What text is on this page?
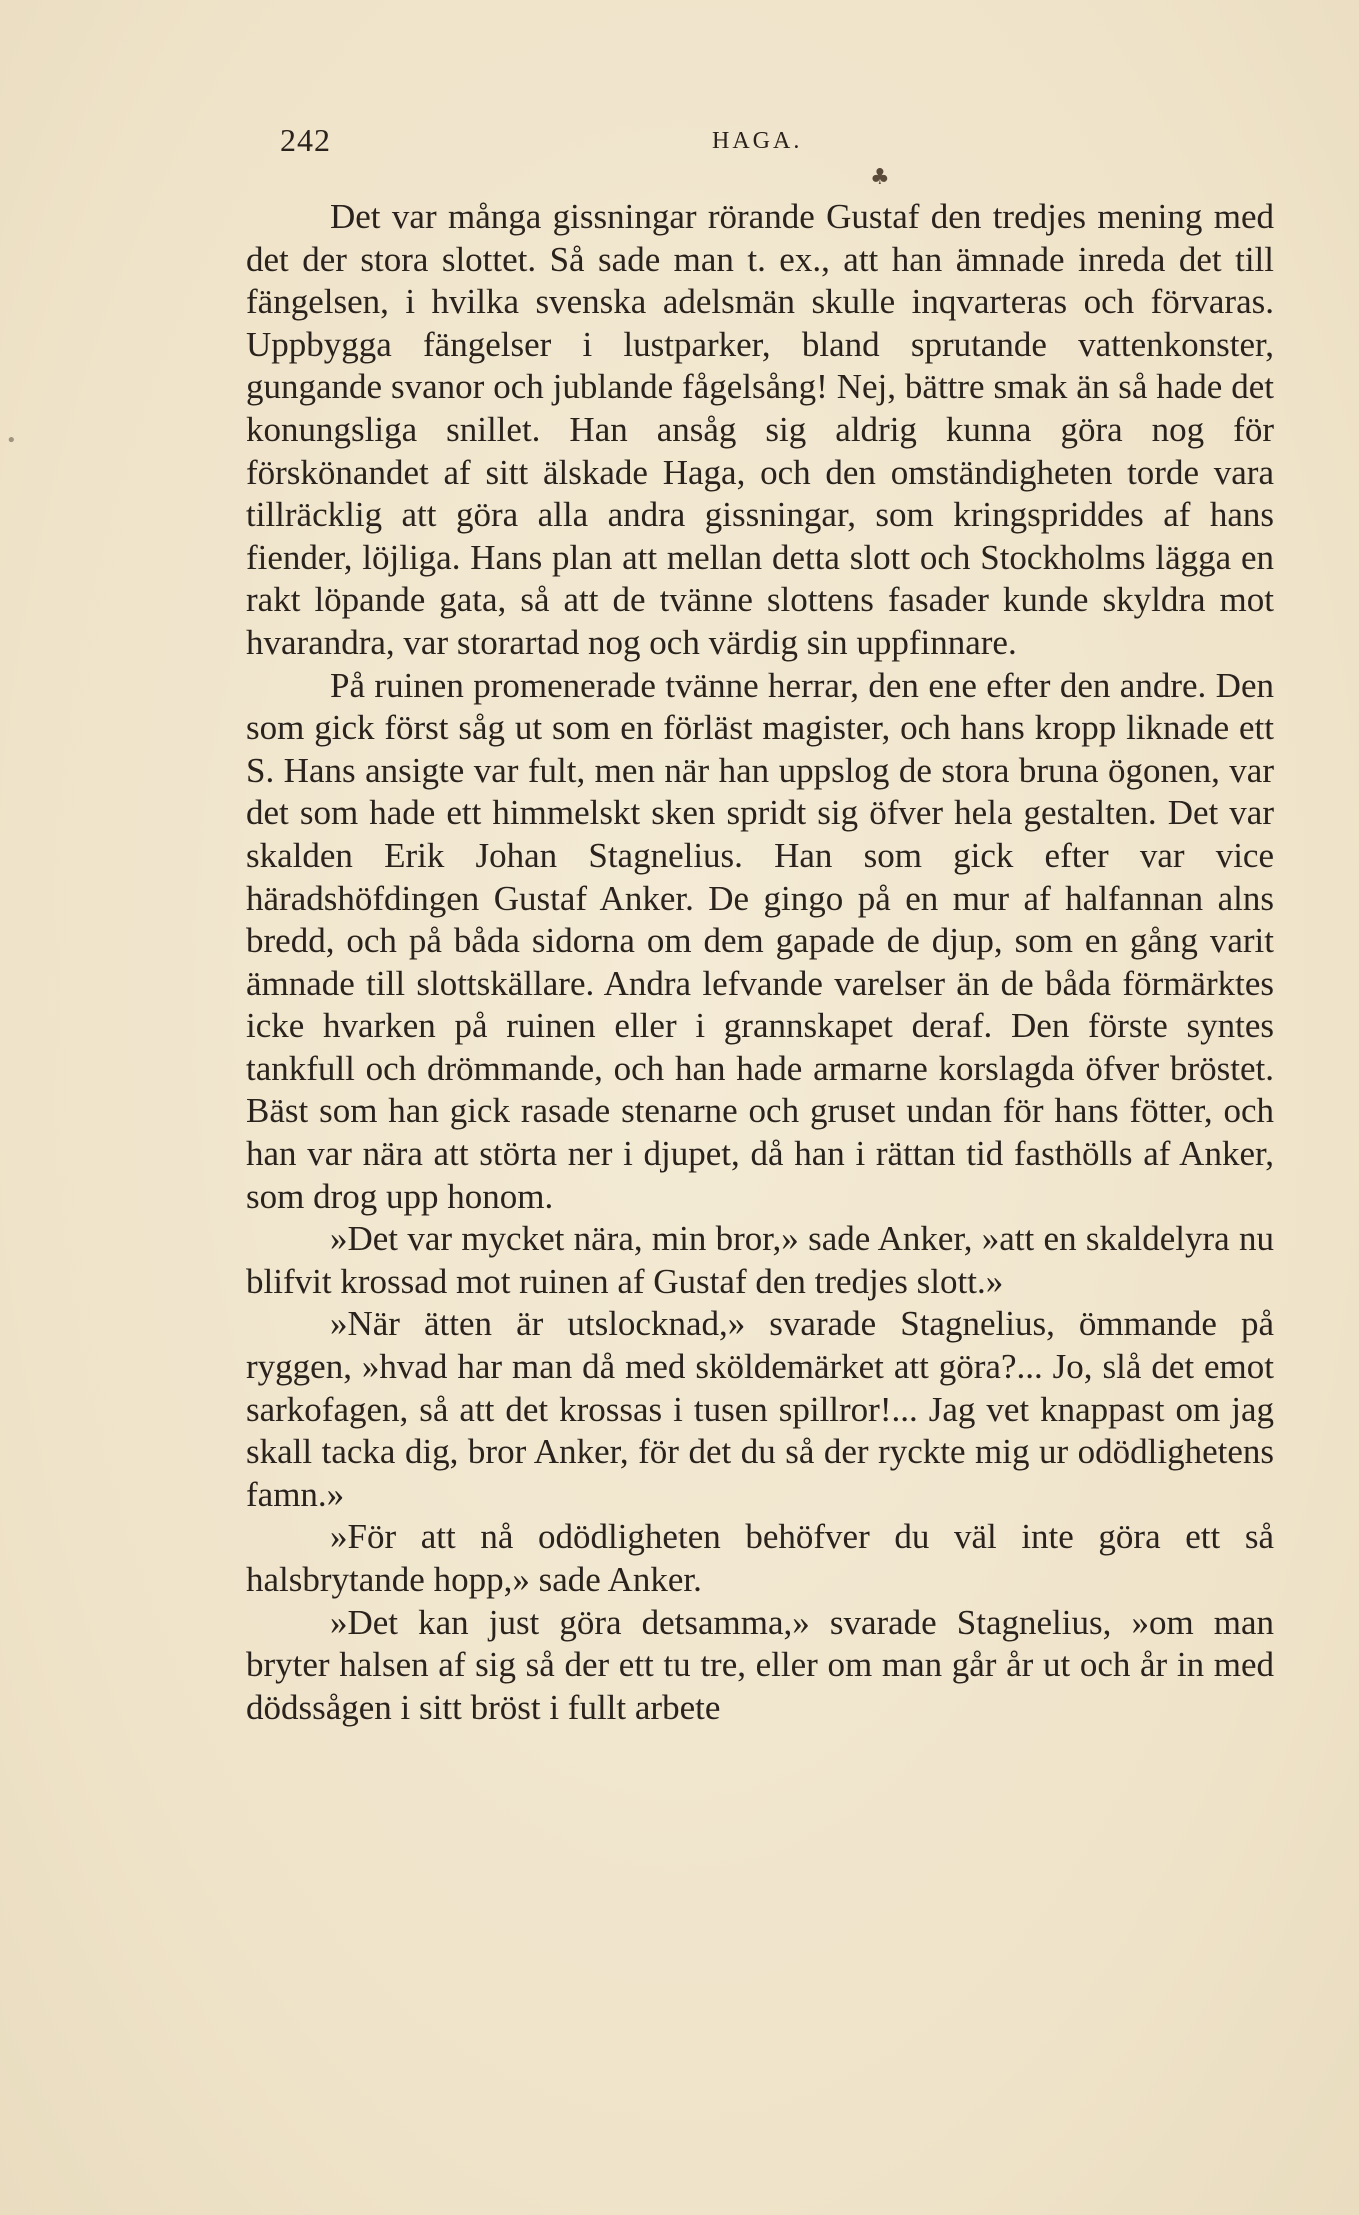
242	HAGA.
♣
•

Det var många gissningar rörande Gustaf den tredjes mening med det der stora slottet. Så sade man t. ex., att han ämnade inreda det till fängelsen, i hvilka svenska adelsmän skulle inqvarteras och förvaras. Uppbygga fängelser i lustparker, bland sprutande vattenkonster, gungande svanor och jublande fågelsång! Nej, bättre smak än så hade det konungsliga snillet. Han ansåg sig aldrig kunna göra nog för förskönandet af sitt älskade Haga, och den omständigheten torde vara tillräcklig att göra alla andra gissningar, som kringspriddes af hans fiender, löjliga. Hans plan att mellan detta slott och Stockholms lägga en rakt löpande gata, så att de tvänne slottens fasader kunde skyldra mot hvarandra, var storartad nog och värdig sin uppfinnare.

På ruinen promenerade tvänne herrar, den ene efter den andre. Den som gick först såg ut som en förläst magister, och hans kropp liknade ett S. Hans ansigte var fult, men när han uppslog de stora bruna ögonen, var det som hade ett himmelskt sken spridt sig öfver hela gestalten. Det var skalden Erik Johan Stagnelius. Han som gick efter var vice häradshöfdingen Gustaf Anker. De gingo på en mur af halfannan alns bredd, och på båda sidorna om dem gapade de djup, som en gång varit ämnade till slottskällare. Andra lefvande varelser än de båda förmärktes icke hvarken på ruinen eller i grannskapet deraf. Den förste syntes tankfull och drömmande, och han hade armarne korslagda öfver bröstet. Bäst som han gick rasade stenarne och gruset undan för hans fötter, och han var nära att störta ner i djupet, då han i rättan tid fasthölls af Anker, som drog upp honom.

»Det var mycket nära, min bror,» sade Anker, »att en skaldelyra nu blifvit krossad mot ruinen af Gustaf den tredjes slott.»

»När ätten är utslocknad,» svarade Stagnelius, ömmande på ryggen, »hvad har man då med sköldemärket att göra?... Jo, slå det emot sarkofagen, så att det krossas i tusen spillror!... Jag vet knappast om jag skall tacka dig, bror Anker, för det du så der ryckte mig ur odödlighetens famn.»

»För att nå odödligheten behöfver du väl inte göra ett så halsbrytande hopp,» sade Anker.

»Det kan just göra detsamma,» svarade Stagnelius, »om man bryter halsen af sig så der ett tu tre, eller om man går år ut och år in med dödssågen i sitt bröst i fullt arbete
